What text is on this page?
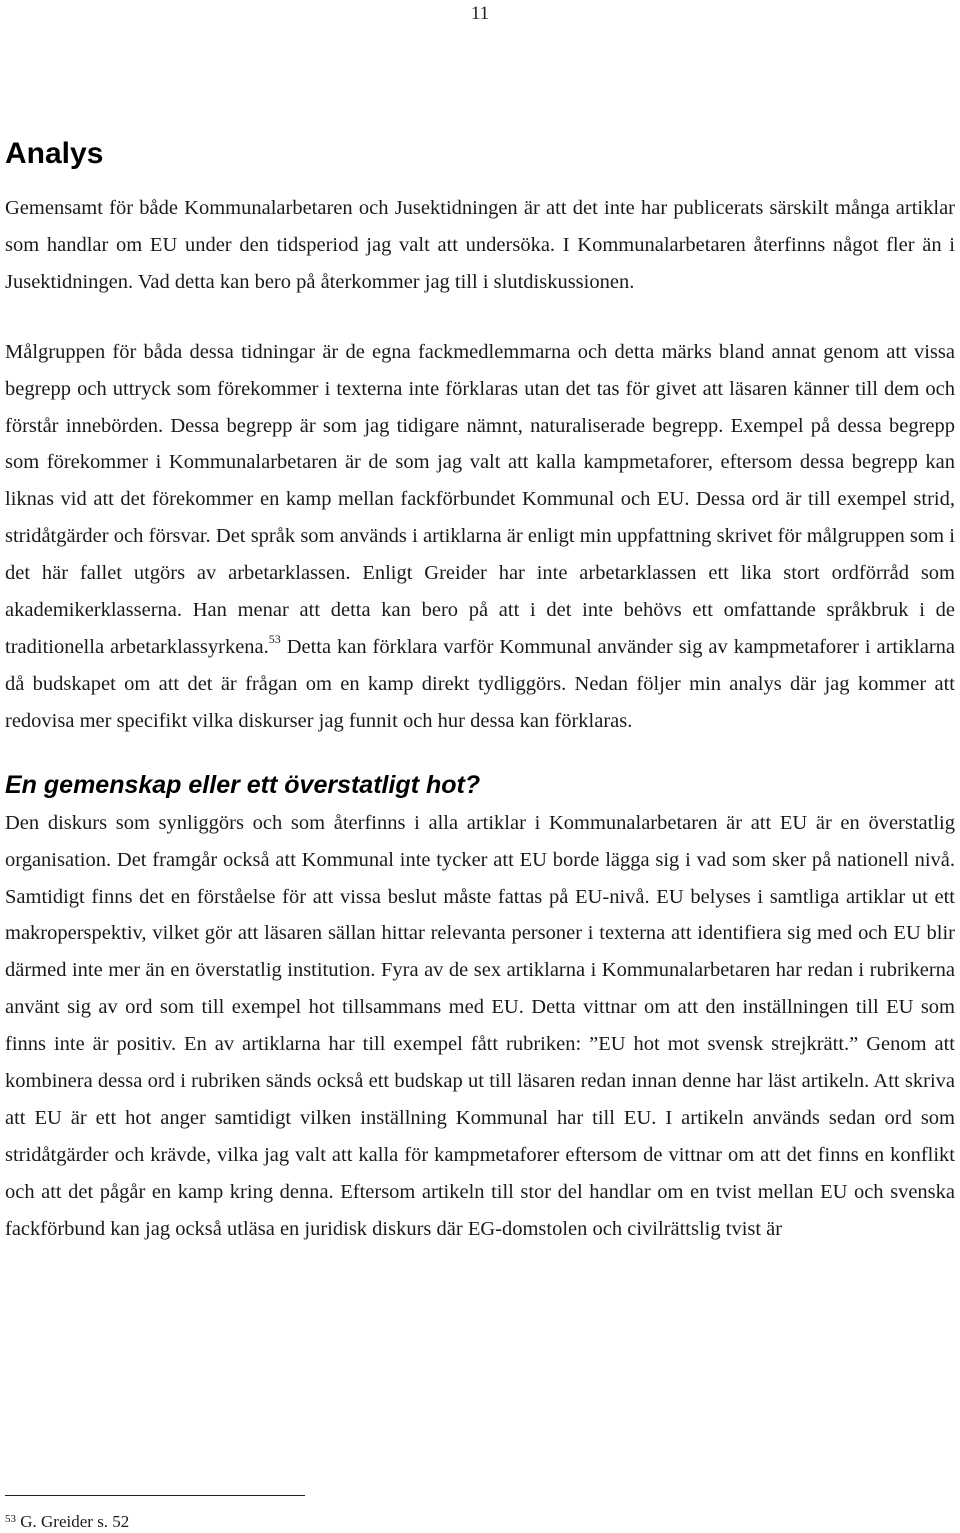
11
Analys

Gemensamt för både Kommunalarbetaren och Jusektidningen är att det inte har publicerats särskilt många artiklar som handlar om EU under den tidsperiod jag valt att undersöka. I Kommunalarbetaren återfinns något fler än i Jusektidningen. Vad detta kan bero på återkommer jag till i slutdiskussionen.

Målgruppen för båda dessa tidningar är de egna fackmedlemmarna och detta märks bland annat genom att vissa begrepp och uttryck som förekommer i texterna inte förklaras utan det tas för givet att läsaren känner till dem och förstår innebörden. Dessa begrepp är som jag tidigare nämnt, naturaliserade begrepp. Exempel på dessa begrepp som förekommer i Kommunalarbetaren är de som jag valt att kalla kampmetaforer, eftersom dessa begrepp kan liknas vid att det förekommer en kamp mellan fackförbundet Kommunal och EU. Dessa ord är till exempel strid, stridåtgärder och försvar. Det språk som används i artiklarna är enligt min uppfattning skrivet för målgruppen som i det här fallet utgörs av arbetarklassen. Enligt Greider har inte arbetarklassen ett lika stort ordförråd som akademikerklasserna. Han menar att detta kan bero på att i det inte behövs ett omfattande språkbruk i de traditionella arbetarklassyrkena.$^{53}$ Detta kan förklara varför Kommunal använder sig av kampmetaforer i artiklarna då budskapet om att det är frågan om en kamp direkt tydliggörs. Nedan följer min analys där jag kommer att redovisa mer specifikt vilka diskurser jag funnit och hur dessa kan förklaras.

En gemenskap eller ett överstatligt hot?

Den diskurs som synliggörs och som återfinns i alla artiklar i Kommunalarbetaren är att EU är en överstatlig organisation. Det framgår också att Kommunal inte tycker att EU borde lägga sig i vad som sker på nationell nivå. Samtidigt finns det en förståelse för att vissa beslut måste fattas på EU-nivå. EU belyses i samtliga artiklar ut ett makroperspektiv, vilket gör att läsaren sällan hittar relevanta personer i texterna att identifiera sig med och EU blir därmed inte mer än en överstatlig institution. Fyra av de sex artiklarna i Kommunalarbetaren har redan i rubrikerna använt sig av ord som till exempel hot tillsammans med EU. Detta vittnar om att den inställningen till EU som finns inte är positiv. En av artiklarna har till exempel fått rubriken: ”EU hot mot svensk strejkrätt.” Genom att kombinera dessa ord i rubriken sänds också ett budskap ut till läsaren redan innan denne har läst artikeln. Att skriva att EU är ett hot anger samtidigt vilken inställning Kommunal har till EU. I artikeln används sedan ord som stridåtgärder och krävde, vilka jag valt att kalla för kampmetaforer eftersom de vittnar om att det finns en konflikt och att det pågår en kamp kring denna. Eftersom artikeln till stor del handlar om en tvist mellan EU och svenska fackförbund kan jag också utläsa en juridisk diskurs där EG-domstolen och civilrättslig tvist är

$^{53}$ G. Greider s. 52
